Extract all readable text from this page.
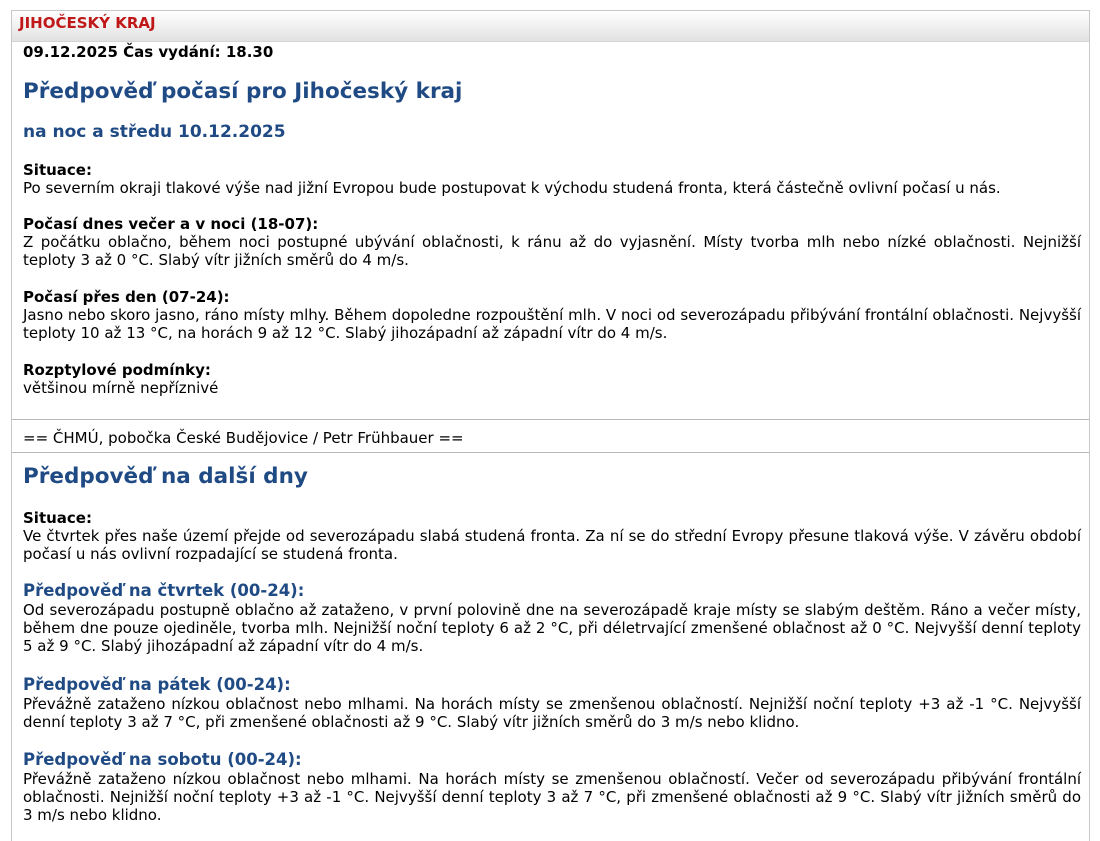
JIHOČESKÝ KRAJ
09.12.2025 Čas vydání: 18.30
Předpověď počasí pro Jihočeský kraj
na noc a středu 10.12.2025
Situace:
Po severním okraji tlakové výše nad jižní Evropou bude postupovat k východu studená fronta, která částečně ovlivní počasí u nás.
Počasí dnes večer a v noci (18-07):
Z počátku oblačno, během noci postupné ubývání oblačnosti, k ránu až do vyjasnění. Místy tvorba mlh nebo nízké oblačnosti. Nejnižší teploty 3 až 0 °C. Slabý vítr jižních směrů do 4 m/s.
Počasí přes den (07-24):
Jasno nebo skoro jasno, ráno místy mlhy. Během dopoledne rozpouštění mlh. V noci od severozápadu přibývání frontální oblačnosti. Nejvyšší teploty 10 až 13 °C, na horách 9 až 12 °C. Slabý jihozápadní až západní vítr do 4 m/s.
Rozptylové podmínky:
většinou mírně nepříznivé
== ČHMÚ, pobočka České Budějovice / Petr Frühbauer ==
Předpověď na další dny
Situace:
Ve čtvrtek přes naše území přejde od severozápadu slabá studená fronta. Za ní se do střední Evropy přesune tlaková výše. V závěru období počasí u nás ovlivní rozpadající se studená fronta.
Předpověď na čtvrtek (00-24):
Od severozápadu postupně oblačno až zataženo, v první polovině dne na severozápadě kraje místy se slabým deštěm. Ráno a večer místy, během dne pouze ojediněle, tvorba mlh. Nejnižší noční teploty 6 až 2 °C, při déletrvající zmenšené oblačnost až 0 °C. Nejvyšší denní teploty 5 až 9 °C. Slabý jihozápadní až západní vítr do 4 m/s.
Předpověď na pátek (00-24):
Převážně zataženo nízkou oblačnost nebo mlhami. Na horách místy se zmenšenou oblačností. Nejnižší noční teploty +3 až -1 °C. Nejvyšší denní teploty 3 až 7 °C, při zmenšené oblačnosti až 9 °C. Slabý vítr jižních směrů do 3 m/s nebo klidno.
Předpověď na sobotu (00-24):
Převážně zataženo nízkou oblačnost nebo mlhami. Na horách místy se zmenšenou oblačností. Večer od severozápadu přibývání frontální oblačnosti. Nejnižší noční teploty +3 až -1 °C. Nejvyšší denní teploty 3 až 7 °C, při zmenšené oblačnosti až 9 °C. Slabý vítr jižních směrů do 3 m/s nebo klidno.
